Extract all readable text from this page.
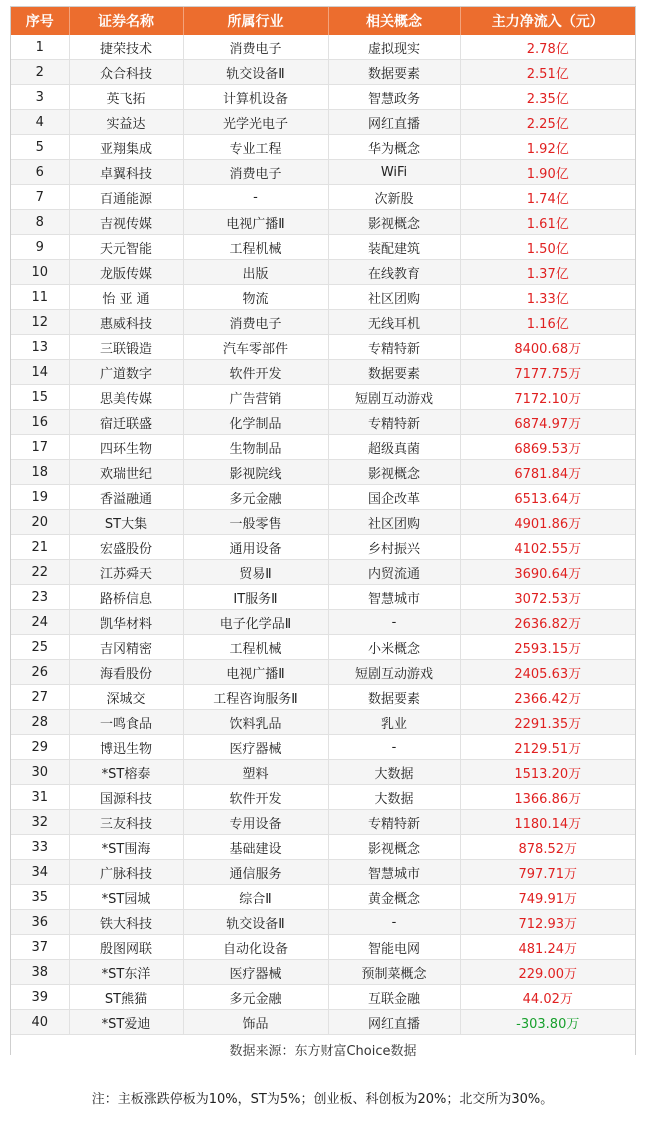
序号	证券名称	所属行业	相关概念	主力净流入（元）
1	捷荣技术	消费电子	虚拟现实	2.78亿
2	众合科技	轨交设备Ⅱ	数据要素	2.51亿
3	英飞拓	计算机设备	智慧政务	2.35亿
4	实益达	光学光电子	网红直播	2.25亿
5	亚翔集成	专业工程	华为概念	1.92亿
6	卓翼科技	消费电子	WiFi	1.90亿
7	百通能源	-	次新股	1.74亿
8	吉视传媒	电视广播Ⅱ	影视概念	1.61亿
9	天元智能	工程机械	装配建筑	1.50亿
10	龙版传媒	出版	在线教育	1.37亿
11	怡 亚 通	物流	社区团购	1.33亿
12	惠威科技	消费电子	无线耳机	1.16亿
13	三联锻造	汽车零部件	专精特新	8400.68万
14	广道数字	软件开发	数据要素	7177.75万
15	思美传媒	广告营销	短剧互动游戏	7172.10万
16	宿迁联盛	化学制品	专精特新	6874.97万
17	四环生物	生物制品	超级真菌	6869.53万
18	欢瑞世纪	影视院线	影视概念	6781.84万
19	香溢融通	多元金融	国企改革	6513.64万
20	ST大集	一般零售	社区团购	4901.86万
21	宏盛股份	通用设备	乡村振兴	4102.55万
22	江苏舜天	贸易Ⅱ	内贸流通	3690.64万
23	路桥信息	IT服务Ⅱ	智慧城市	3072.53万
24	凯华材料	电子化学品Ⅱ	-	2636.82万
25	吉冈精密	工程机械	小米概念	2593.15万
26	海看股份	电视广播Ⅱ	短剧互动游戏	2405.63万
27	深城交	工程咨询服务Ⅱ	数据要素	2366.42万
28	一鸣食品	饮料乳品	乳业	2291.35万
29	博迅生物	医疗器械	-	2129.51万
30	*ST榕泰	塑料	大数据	1513.20万
31	国源科技	软件开发	大数据	1366.86万
32	三友科技	专用设备	专精特新	1180.14万
33	*ST围海	基础建设	影视概念	878.52万
34	广脉科技	通信服务	智慧城市	797.71万
35	*ST园城	综合Ⅱ	黄金概念	749.91万
36	铁大科技	轨交设备Ⅱ	-	712.93万
37	殷图网联	自动化设备	智能电网	481.24万
38	*ST东洋	医疗器械	预制菜概念	229.00万
39	ST熊猫	多元金融	互联金融	44.02万
40	*ST爱迪	饰品	网红直播	-303.80万
数据来源：东方财富Choice数据				
注：主板涨跌停板为10%，ST为5%；创业板、科创板为20%；北交所为30%。
